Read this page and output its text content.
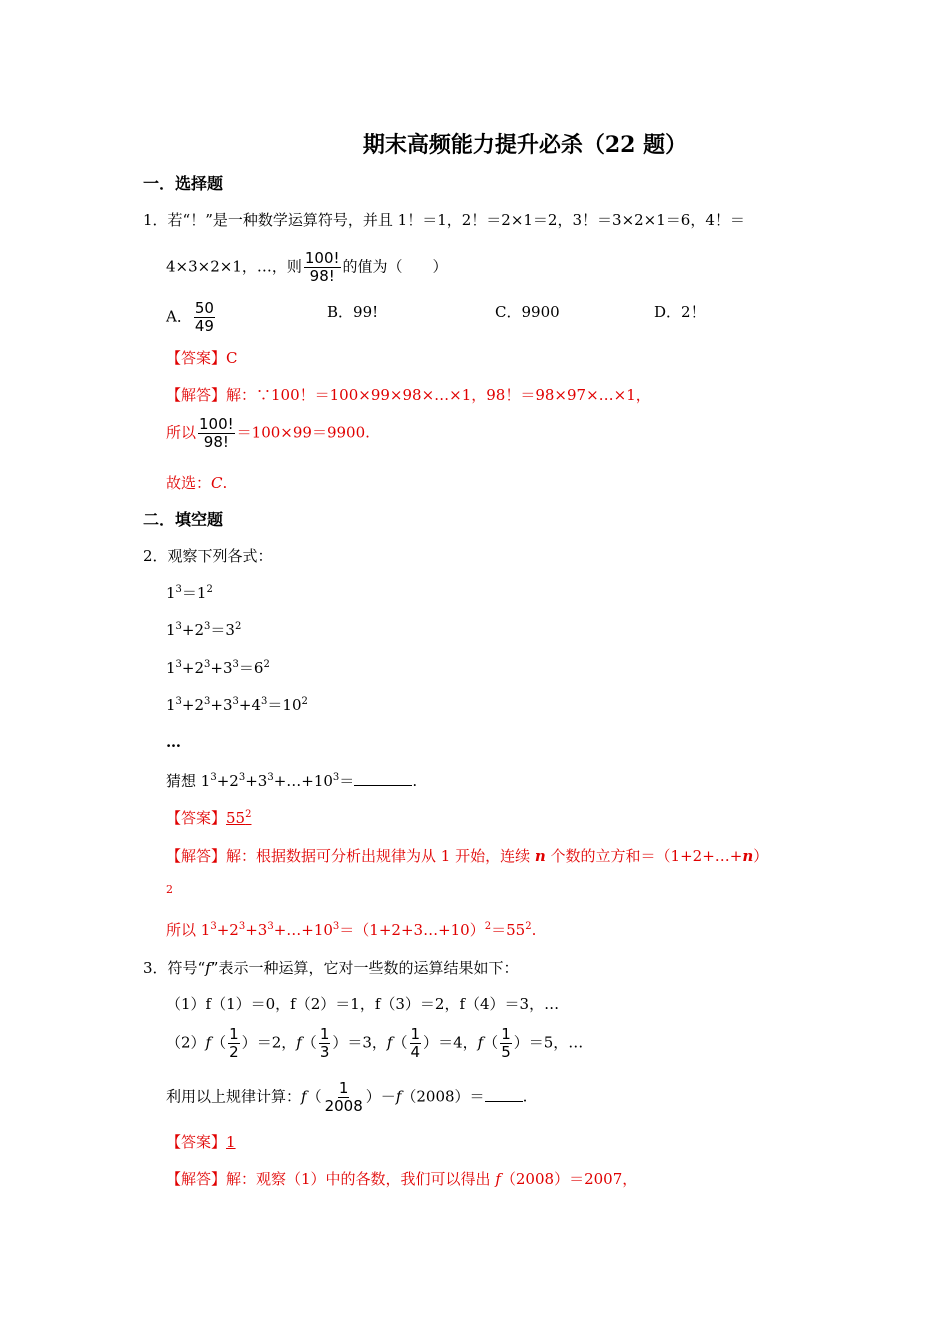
期末高频能力提升必杀（22 题）
一．选择题
1．若“！”是一种数学运算符号，并且 1！＝1，2！＝2×1＝2，3！＝3×2×1＝6，4！＝
4×3×2×1，…，则 $\frac{100!}{98!}$ 的值为（　　）
A． $\frac{50}{49}$	B．99!	C．9900	D．2！
【答案】C
【解答】解：∵100！＝100×99×98×…×1，98！＝98×97×…×1，
所以 $\frac{100!}{98!} =100\times 99=9900$.
故选：C.
二．填空题
2．观察下列各式：
$1^3=1^2$
$1^3+2^3=3^2$
$1^3+2^3+3^3=6^2$
$1^3+2^3+3^3+4^3=10^2$
…
猜想 $1^3+2^3+3^3+\dots+10^3=$	.
【答案】$55^2$
【解答】解：根据数据可分析出规律为从 1 开始，连续 n 个数的立方和＝（1+2+…+n）
2
所以 $1^3+2^3+3^3+\dots+10^3=(1+2+3\dots+10)^2=55^2$.
3．符号“f”表示一种运算，它对一些数的运算结果如下：
（1）f（1）＝0，f（2）＝1，f（3）＝2，f（4）＝3，…
$(2)f( \frac{1}{2} )=2$，$f( \frac{1}{3} )=3$，$f( \frac{1}{4} )=4$，$f( \frac{1}{5} )=5$，…
利用以上规律计算：$f( \frac{1}{2008} )-f(2008)=$	.
【答案】1
【解答】解：观察（1）中的各数，我们可以得出 f（2008）＝2007，
